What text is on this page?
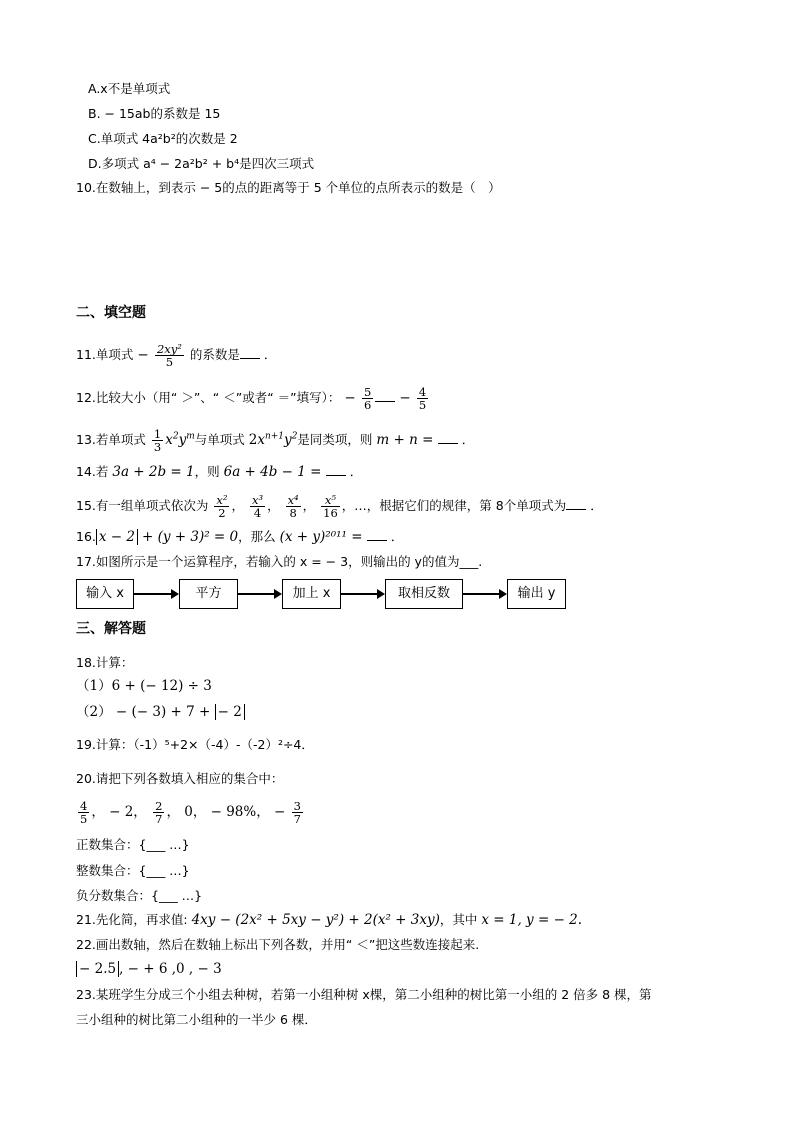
A.x不是单项式
B. − 15ab的系数是 15
C.单项式 4a²b²的次数是 2
D.多项式 a⁴ − 2a²b² + b⁴是四次三项式
10.在数轴上，到表示 − 5的点的距离等于 5 个单位的点所表示的数是（　）
二、填空题
11.单项式 − $\frac{\text{2xy²}}{5}$ 的系数是 ．
12.比较大小（用“ ＞”、“ ＜”或者“ ＝”填写）： − $\frac{5}{6} - \frac{4}{5}$
13.若单项式 $\frac{1}{3} x^2y^m$与单项式 $2x^{n+1}y^2$是同类项，则 m + n =  ．
14.若 3a + 2b = 1，则 6a + 4b − 1 =  ．
15.有一组单项式依次为 $\frac{\text{x²}}{2}$ ， $\frac{\text{x³}}{4}$ ， $\frac{\text{x⁴}}{8}$ ， $\frac{\text{x⁵}}{16}$ ，…，根据它们的规律，第 8个单项式为 ．
16. x − 2 + (y + 3)² = 0，那么 (x + y)²⁰¹¹ =  ．
17.如图所示是一个运算程序，若输入的 x = − 3，则输出的 y的值为___.
输入 x	平方	加上 x	取相反数	输出 y
三、解答题
18.计算：
（1）6 + (− 12) ÷ 3
（2） − (− 3) + 7 + − 2
19.计算：（-1）⁵+2×（-4）-（-2）²÷4．
20.请把下列各数填入相应的集合中：
$\frac{4}{5}$ ， − 2， $\frac{2}{7}$ ， 0， − 98%， − $\frac{3}{7}$
正数集合：{___ …}
整数集合：{___ …}
负分数集合：{___ …}
21.先化简，再求值: 4xy − (2x² + 5xy − y²) + 2(x² + 3xy)，其中 x = 1, y = − 2.
22.画出数轴，然后在数轴上标出下列各数，并用“ ＜”把这些数连接起来.
− 2.5 , − + 6 ,0 , − 3
23.某班学生分成三个小组去种树，若第一小组种树 x棵，第二小组种的树比第一小组的 2 倍多 8 棵，第
三小组种的树比第二小组种的一半少 6 棵．
